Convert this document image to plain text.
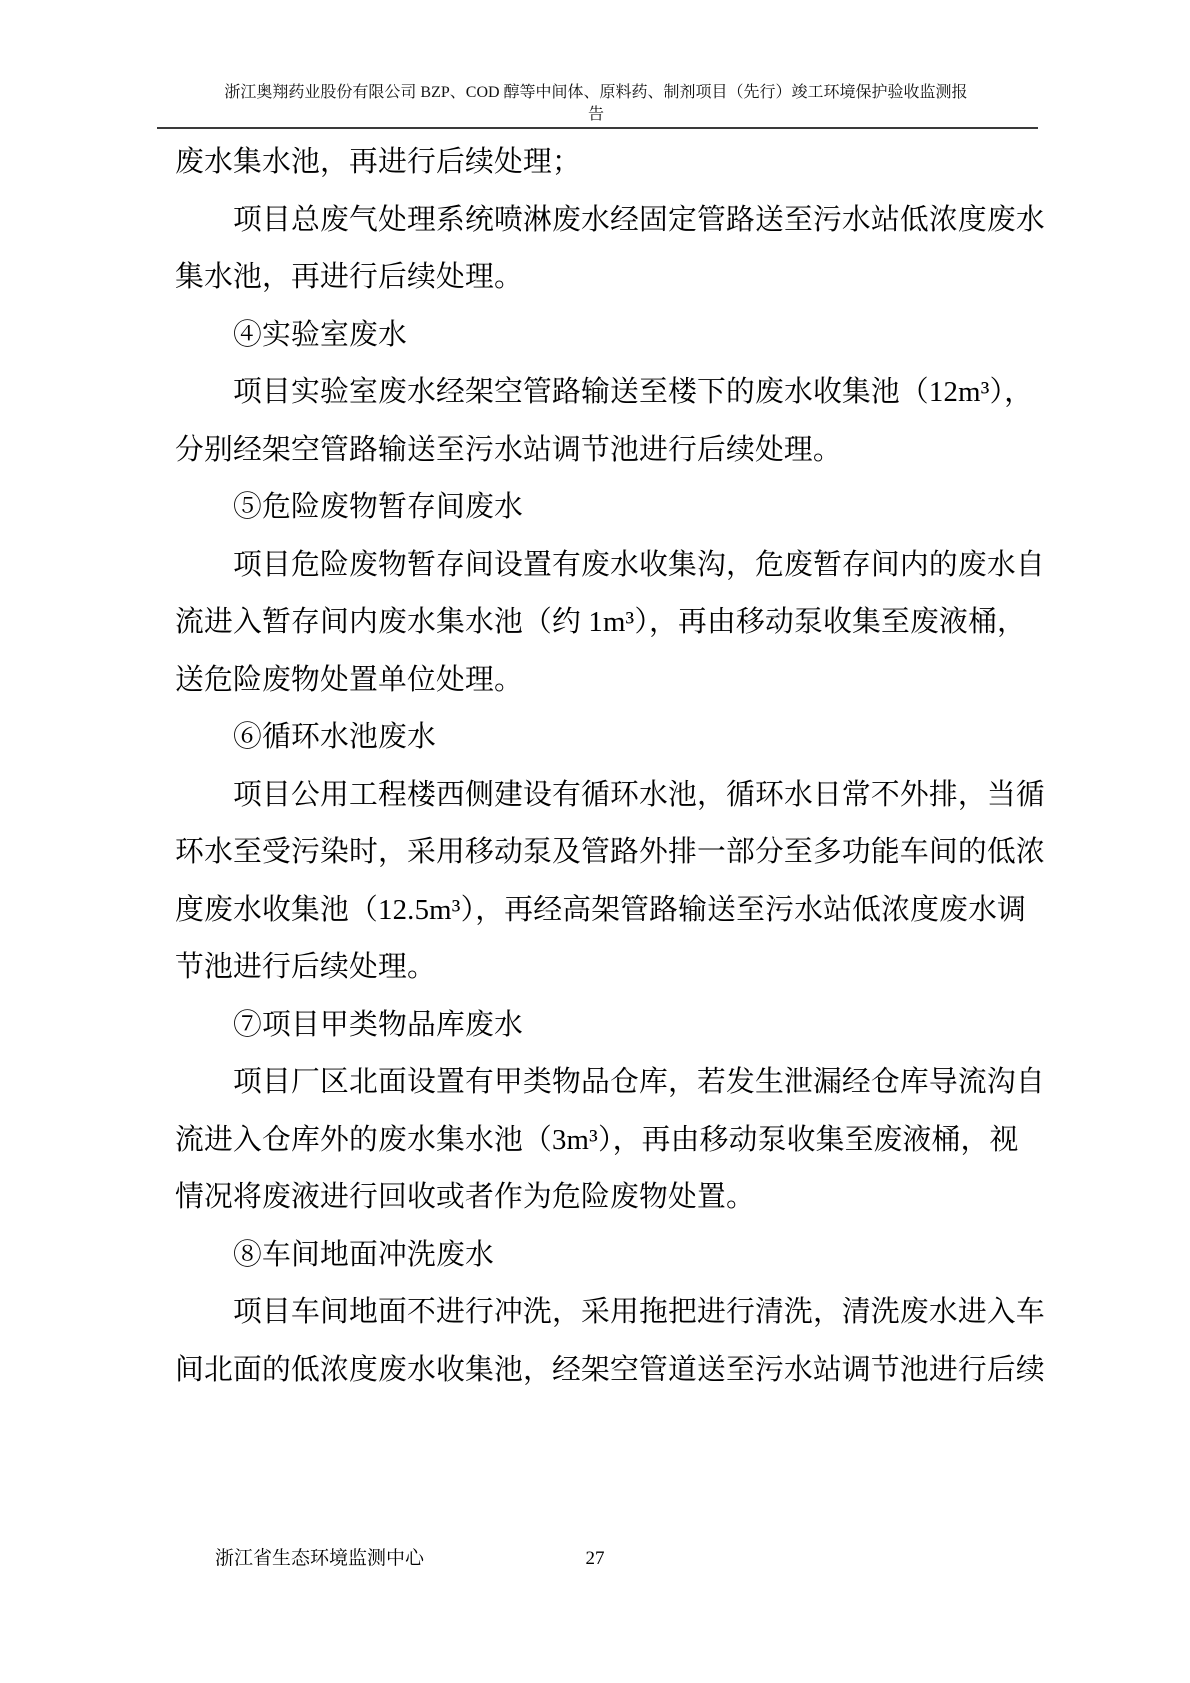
浙江奥翔药业股份有限公司 BZP、COD 醇等中间体、原料药、制剂项目（先行）竣工环境保护验收监测报
告
废水集水池，再进行后续处理；
项目总废气处理系统喷淋废水经固定管路送至污水站低浓度废水
集水池，再进行后续处理。
④实验室废水
项目实验室废水经架空管路输送至楼下的废水收集池（12m³），
分别经架空管路输送至污水站调节池进行后续处理。
⑤危险废物暂存间废水
项目危险废物暂存间设置有废水收集沟，危废暂存间内的废水自
流进入暂存间内废水集水池（约 1m³），再由移动泵收集至废液桶，
送危险废物处置单位处理。
⑥循环水池废水
项目公用工程楼西侧建设有循环水池，循环水日常不外排，当循
环水至受污染时，采用移动泵及管路外排一部分至多功能车间的低浓
度废水收集池（12.5m³），再经高架管路输送至污水站低浓度废水调
节池进行后续处理。
⑦项目甲类物品库废水
项目厂区北面设置有甲类物品仓库，若发生泄漏经仓库导流沟自
流进入仓库外的废水集水池（3m³），再由移动泵收集至废液桶，视
情况将废液进行回收或者作为危险废物处置。
⑧车间地面冲洗废水
项目车间地面不进行冲洗，采用拖把进行清洗，清洗废水进入车
间北面的低浓度废水收集池，经架空管道送至污水站调节池进行后续
浙江省生态环境监测中心	27
